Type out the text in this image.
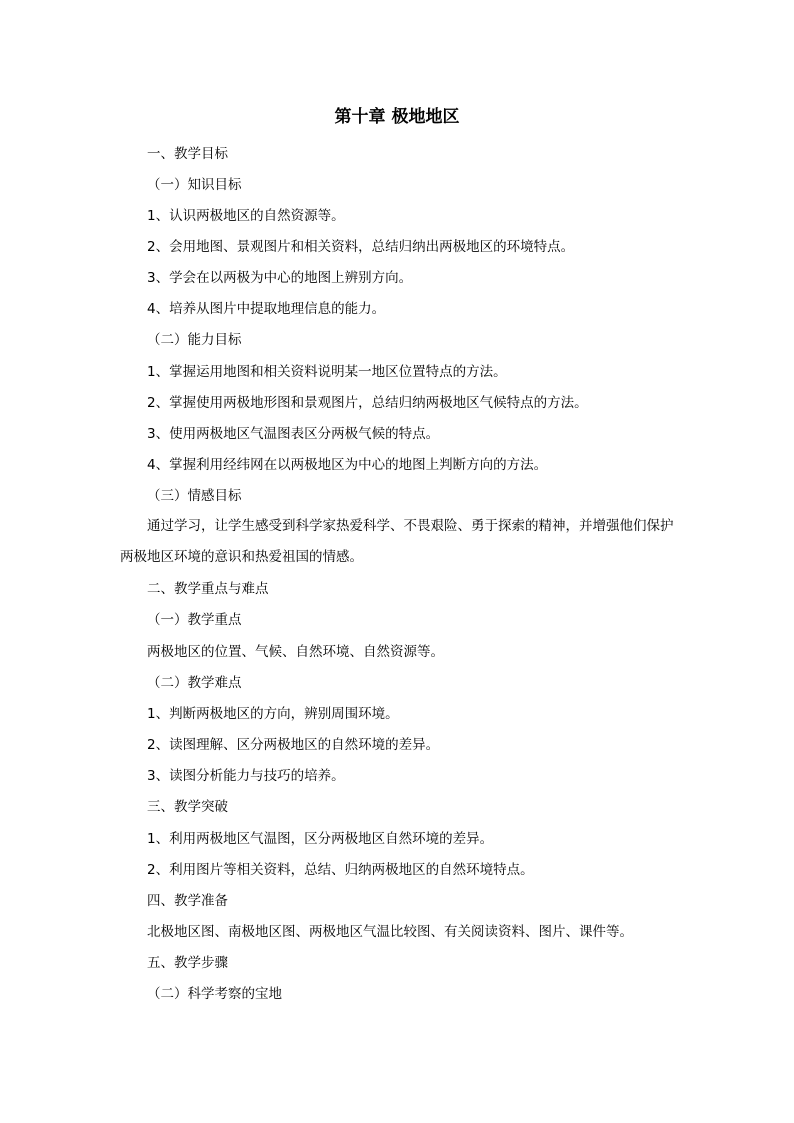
第十章 极地地区
一、教学目标
（一）知识目标
1、认识两极地区的自然资源等。
2、会用地图、景观图片和相关资料，总结归纳出两极地区的环境特点。
3、学会在以两极为中心的地图上辨别方向。
4、培养从图片中提取地理信息的能力。
（二）能力目标
1、掌握运用地图和相关资料说明某一地区位置特点的方法。
2、掌握使用两极地形图和景观图片，总结归纳两极地区气候特点的方法。
3、使用两极地区气温图表区分两极气候的特点。
4、掌握利用经纬网在以两极地区为中心的地图上判断方向的方法。
（三）情感目标
通过学习，让学生感受到科学家热爱科学、不畏艰险、勇于探索的精神，并增强他们保护两极地区环境的意识和热爱祖国的情感。
二、教学重点与难点
（一）教学重点
两极地区的位置、气候、自然环境、自然资源等。
（二）教学难点
1、判断两极地区的方向，辨别周围环境。
2、读图理解、区分两极地区的自然环境的差异。
3、读图分析能力与技巧的培养。
三、教学突破
1、利用两极地区气温图，区分两极地区自然环境的差异。
2、利用图片等相关资料，总结、归纳两极地区的自然环境特点。
四、教学准备
北极地区图、南极地区图、两极地区气温比较图、有关阅读资料、图片、课件等。
五、教学步骤
（二）科学考察的宝地
